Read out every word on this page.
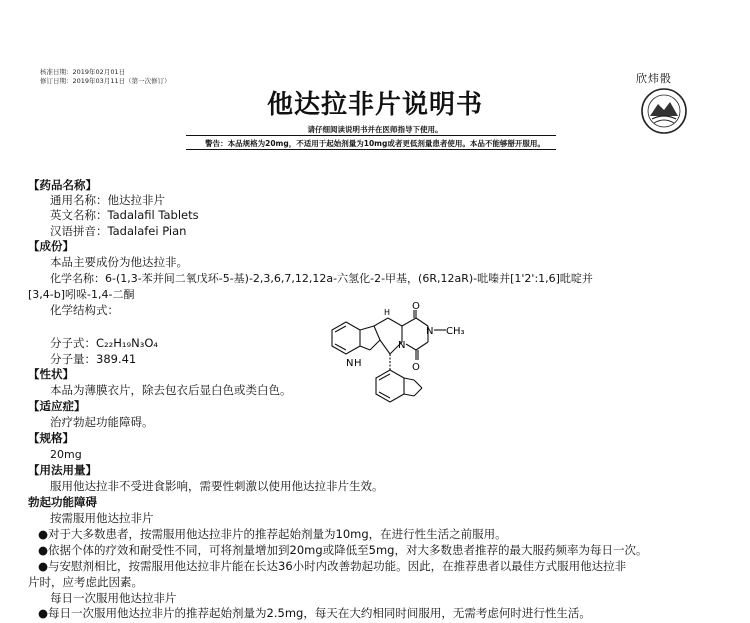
核准日期：2019年02月01日
修订日期：2019年03月11日（第一次修订）	欣炜骰
他达拉非片说明书
请仔细阅读说明书并在医师指导下使用。
警告：本品规格为20mg，不适用于起始剂量为10mg或者更低剂量患者使用。本品不能够掰开服用。
【药品名称】
通用名称：他达拉非片
英文名称：Tadalafil Tablets
汉语拼音：Tadalafei Pian
【成份】
本品主要成份为他达拉非。
化学名称：6-(1,3-苯并间二氧戊环-5-基)-2,3,6,7,12,12a-六氢化-2-甲基，(6R,12aR)-吡嗪并[1'2':1,6]吡啶并
[3,4-b]吲哚-1,4-二酮
化学结构式：
分子式：C₂₂H₁₉N₃O₄
分子量：389.41
O
O
N CH₃
N
H
N H
【性状】
本品为薄膜衣片，除去包衣后显白色或类白色。
【适应症】
治疗勃起功能障碍。
【规格】
20mg
【用法用量】
服用他达拉非不受进食影响，需要性刺激以使用他达拉非片生效。
勃起功能障碍
按需服用他达拉非片
●对于大多数患者，按需服用他达拉非片的推荐起始剂量为10mg，在进行性生活之前服用。
●依据个体的疗效和耐受性不同，可将剂量增加到20mg或降低至5mg，对大多数患者推荐的最大服药频率为每日一次。
●与安慰剂相比，按需服用他达拉非片能在长达36小时内改善勃起功能。因此，在推荐患者以最佳方式服用他达拉非
片时，应考虑此因素。
每日一次服用他达拉非片
●每日一次服用他达拉非片的推荐起始剂量为2.5mg，每天在大约相同时间服用，无需考虑何时进行性生活。
